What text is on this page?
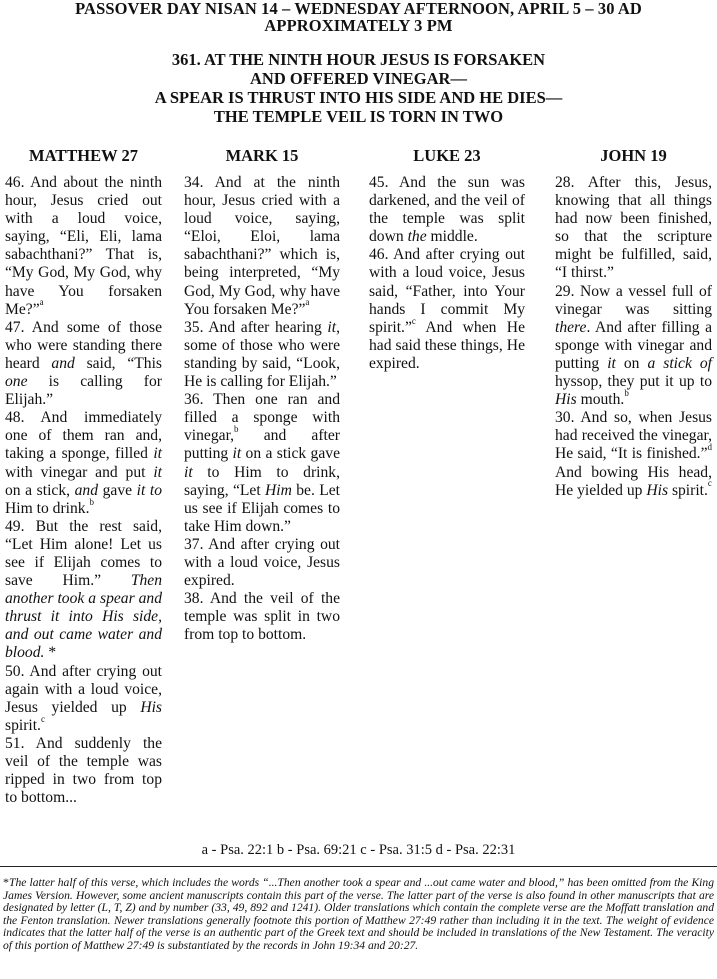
PASSOVER DAY NISAN 14 – WEDNESDAY AFTERNOON, APRIL 5 – 30 AD
APPROXIMATELY 3 PM
361. AT THE NINTH HOUR JESUS IS FORSAKEN
AND OFFERED VINEGAR—
A SPEAR IS THRUST INTO HIS SIDE AND HE DIES—
THE TEMPLE VEIL IS TORN IN TWO
MATTHEW 27	MARK 15	LUKE 23	JOHN 19

46. And about the ninth hour, Jesus cried out with a loud voice, saying, “Eli, Eli, lama sabachthani?” That is, “My God, My God, why have You forsaken Me?”$^a$

47. And some of those who were standing there heard and said, “This one is calling for Elijah.”

48. And immediately one of them ran and, taking a sponge, filled it with vinegar and put it on a stick, and gave it to Him to drink.$^b$

49. But the rest said, “Let Him alone! Let us see if Elijah comes to save Him.” Then another took a spear and thrust it into His side, and out came water and blood. *

50. And after crying out again with a loud voice, Jesus yielded up His spirit.$^c$

51. And suddenly the veil of the temple was ripped in two from top to bottom...

34. And at the ninth hour, Jesus cried with a loud voice, saying, “Eloi, Eloi, lama sabachthani?” which is, being interpreted, “My God, My God, why have You forsaken Me?”$^a$

35. And after hearing it, some of those who were standing by said, “Look, He is calling for Elijah.”

36. Then one ran and filled a sponge with vinegar,$^b$ and after putting it on a stick gave it to Him to drink, saying, “Let Him be. Let us see if Elijah comes to take Him down.”

37. And after crying out with a loud voice, Jesus expired.

38. And the veil of the temple was split in two from top to bottom.

45. And the sun was darkened, and the veil of the temple was split down the middle.

46. And after crying out with a loud voice, Jesus said, “Father, into Your hands I commit My spirit.”$^c$ And when He had said these things, He expired.

28. After this, Jesus, knowing that all things had now been finished, so that the scripture might be fulfilled, said, “I thirst.”

29. Now a vessel full of vinegar was sitting there. And after filling a sponge with vinegar and putting it on a stick of hyssop, they put it up to His mouth.$^b$

30. And so, when Jesus had received the vinegar, He said, “It is finished.”$^d$ And bowing His head, He yielded up His spirit.$^c$

a - Psa. 22:1 b - Psa. 69:21 c - Psa. 31:5 d - Psa. 22:31
*The latter half of this verse, which includes the words “...Then another took a spear and ...out came water and blood,” has been omitted from the King James Version. However, some ancient manuscripts contain this part of the verse. The latter part of the verse is also found in other manuscripts that are designated by letter (L, T, Z) and by number (33, 49, 892 and 1241). Older translations which contain the complete verse are the Moffatt translation and the Fenton translation. Newer translations generally footnote this portion of Matthew 27:49 rather than including it in the text. The weight of evidence indicates that the latter half of the verse is an authentic part of the Greek text and should be included in translations of the New Testament. The veracity of this portion of Matthew 27:49 is substantiated by the records in John 19:34 and 20:27.
